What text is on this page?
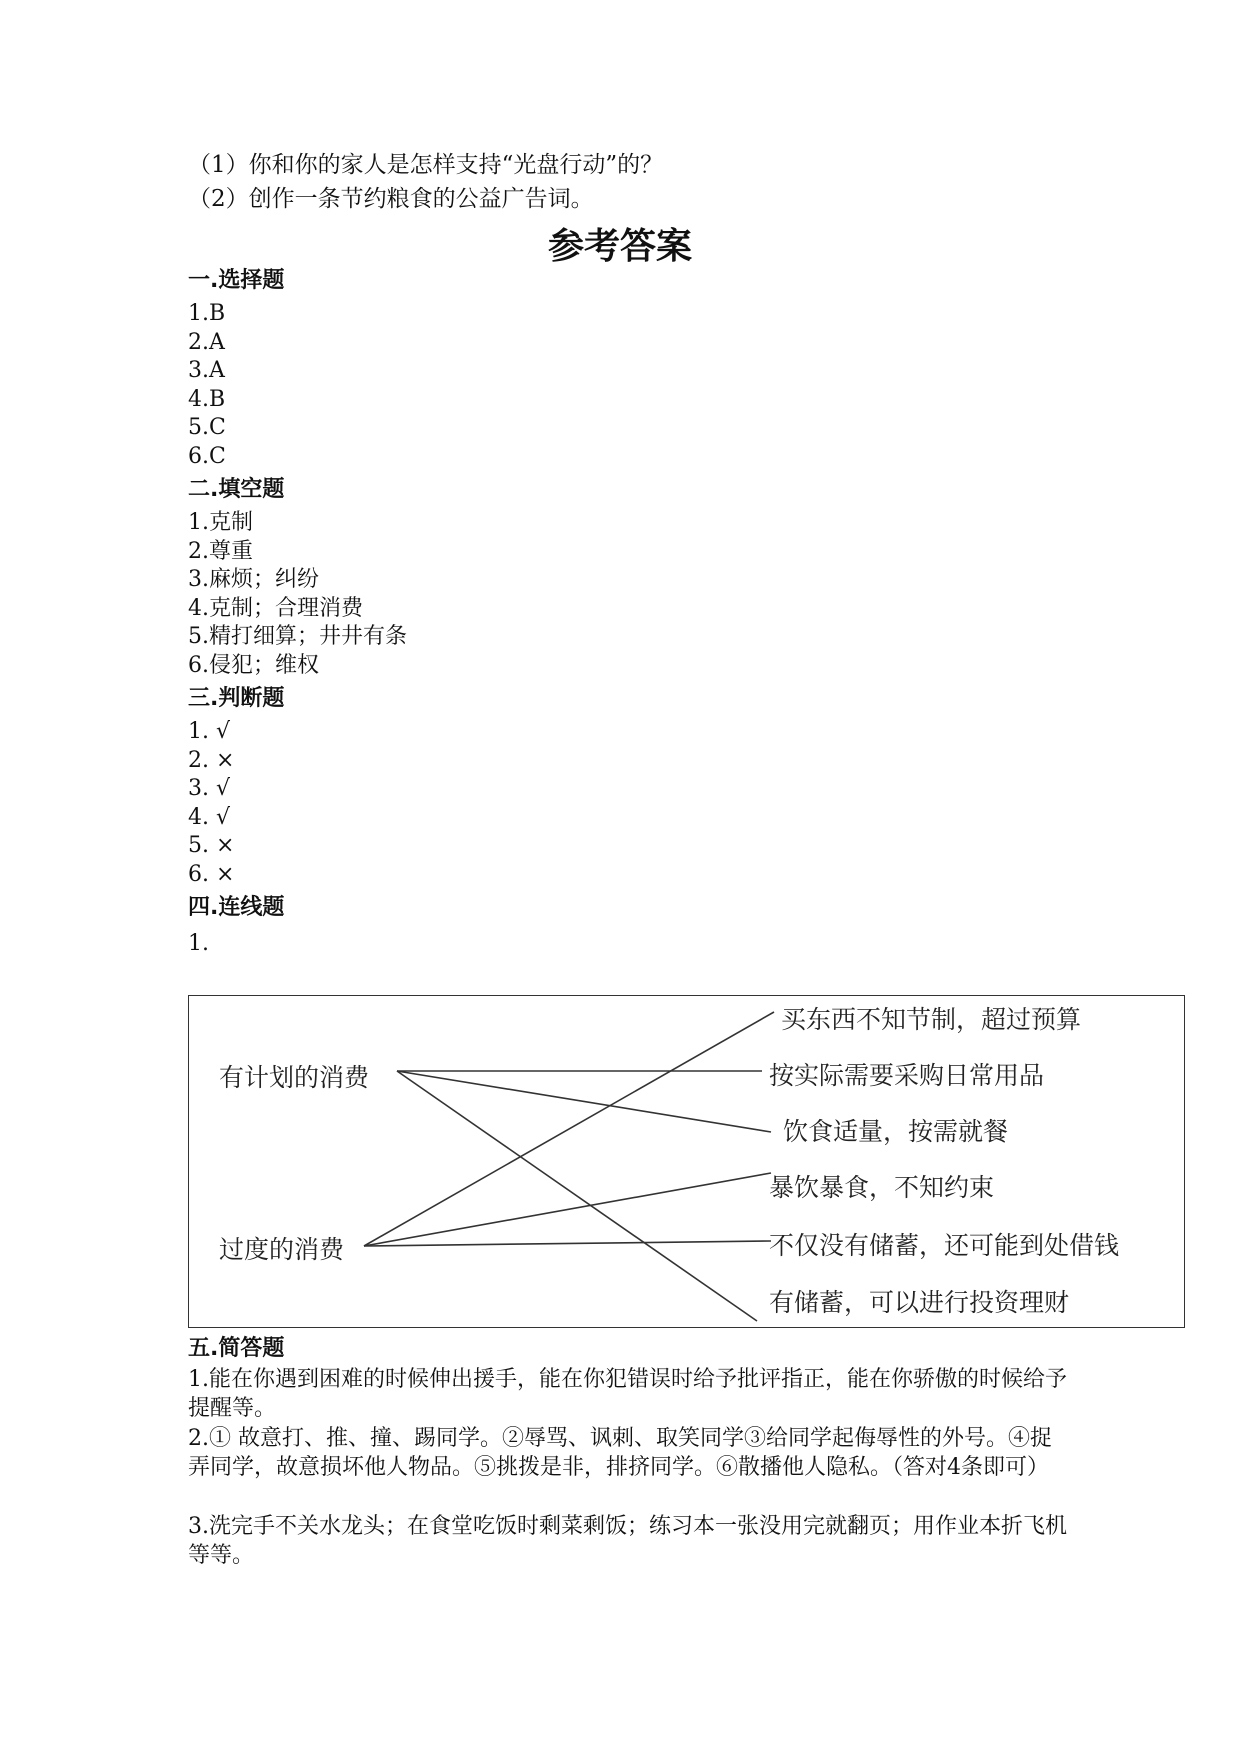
（1）你和你的家人是怎样支持“光盘行动”的？
（2）创作一条节约粮食的公益广告词。
参考答案
一.选择题
1.B
2.A
3.A
4.B
5.C
6.C
二.填空题
1.克制
2.尊重
3.麻烦；纠纷
4.克制；合理消费
5.精打细算；井井有条
6.侵犯；维权
三.判断题
1. √
2. ×
3. √
4. √
5. ×
6. ×
四.连线题
1.
有计划的消费
过度的消费
买东西不知节制，超过预算
按实际需要采购日常用品
饮食适量，按需就餐
暴饮暴食，不知约束
不仅没有储蓄，还可能到处借钱
有储蓄，可以进行投资理财
五.简答题
1.能在你遇到困难的时候伸出援手，能在你犯错误时给予批评指正，能在你骄傲的时候给予提醒等。
2.① 故意打、推、撞、踢同学。②辱骂、讽刺、取笑同学③给同学起侮辱性的外号。④捉弄同学，故意损坏他人物品。⑤挑拨是非，排挤同学。⑥散播他人隐私。（答对4条即可）
3.洗完手不关水龙头；在食堂吃饭时剩菜剩饭；练习本一张没用完就翻页；用作业本折飞机等等。
